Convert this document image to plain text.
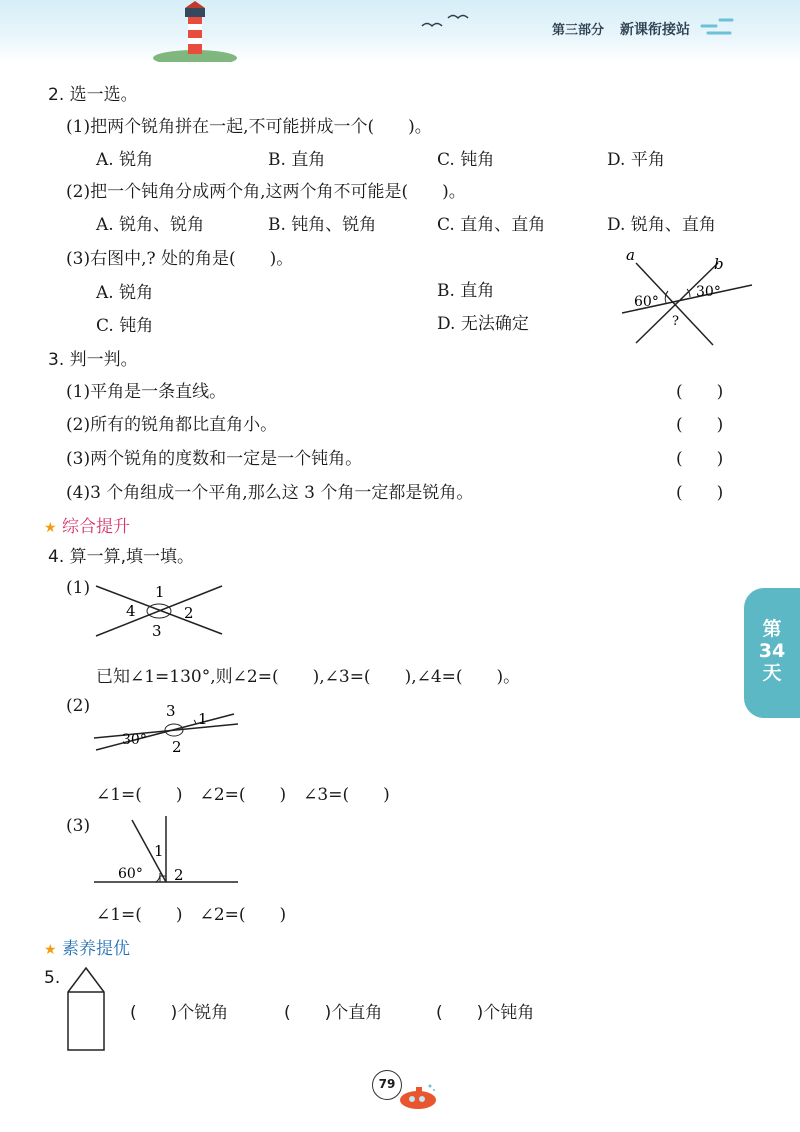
第三部分 新课衔接站
2. 选一选。
(1)把两个锐角拼在一起,不可能拼成一个(　　)。
A. 锐角	B. 直角	C. 钝角	D. 平角
(2)把一个钝角分成两个角,这两个角不可能是(　　)。
A. 锐角、锐角	B. 钝角、锐角	C. 直角、直角	D. 锐角、直角
(3)右图中,? 处的角是(　　)。
A. 锐角	B. 直角
C. 钝角	D. 无法确定
a	b
60°
30°
?
3. 判一判。
(1)平角是一条直线。	(　　)
(2)所有的锐角都比直角小。	(　　)
(3)两个锐角的度数和一定是一个钝角。	(　　)
(4)3 个角组成一个平角,那么这 3 个角一定都是锐角。	(　　)
★ 综合提升
4. 算一算,填一填。
(1)	1
2
3
4
已知∠1=130°,则∠2=(　　),∠3=(　　),∠4=(　　)。
(2)	3 1
2
30°
∠1=(　　)　∠2=(　　)　∠3=(　　)
(3)
1
2
60°
∠1=(　　)　∠2=(　　)
★ 素养提优
5.
(　　)个锐角	(　　)个直角	(　　)个钝角
第
34
天
79
